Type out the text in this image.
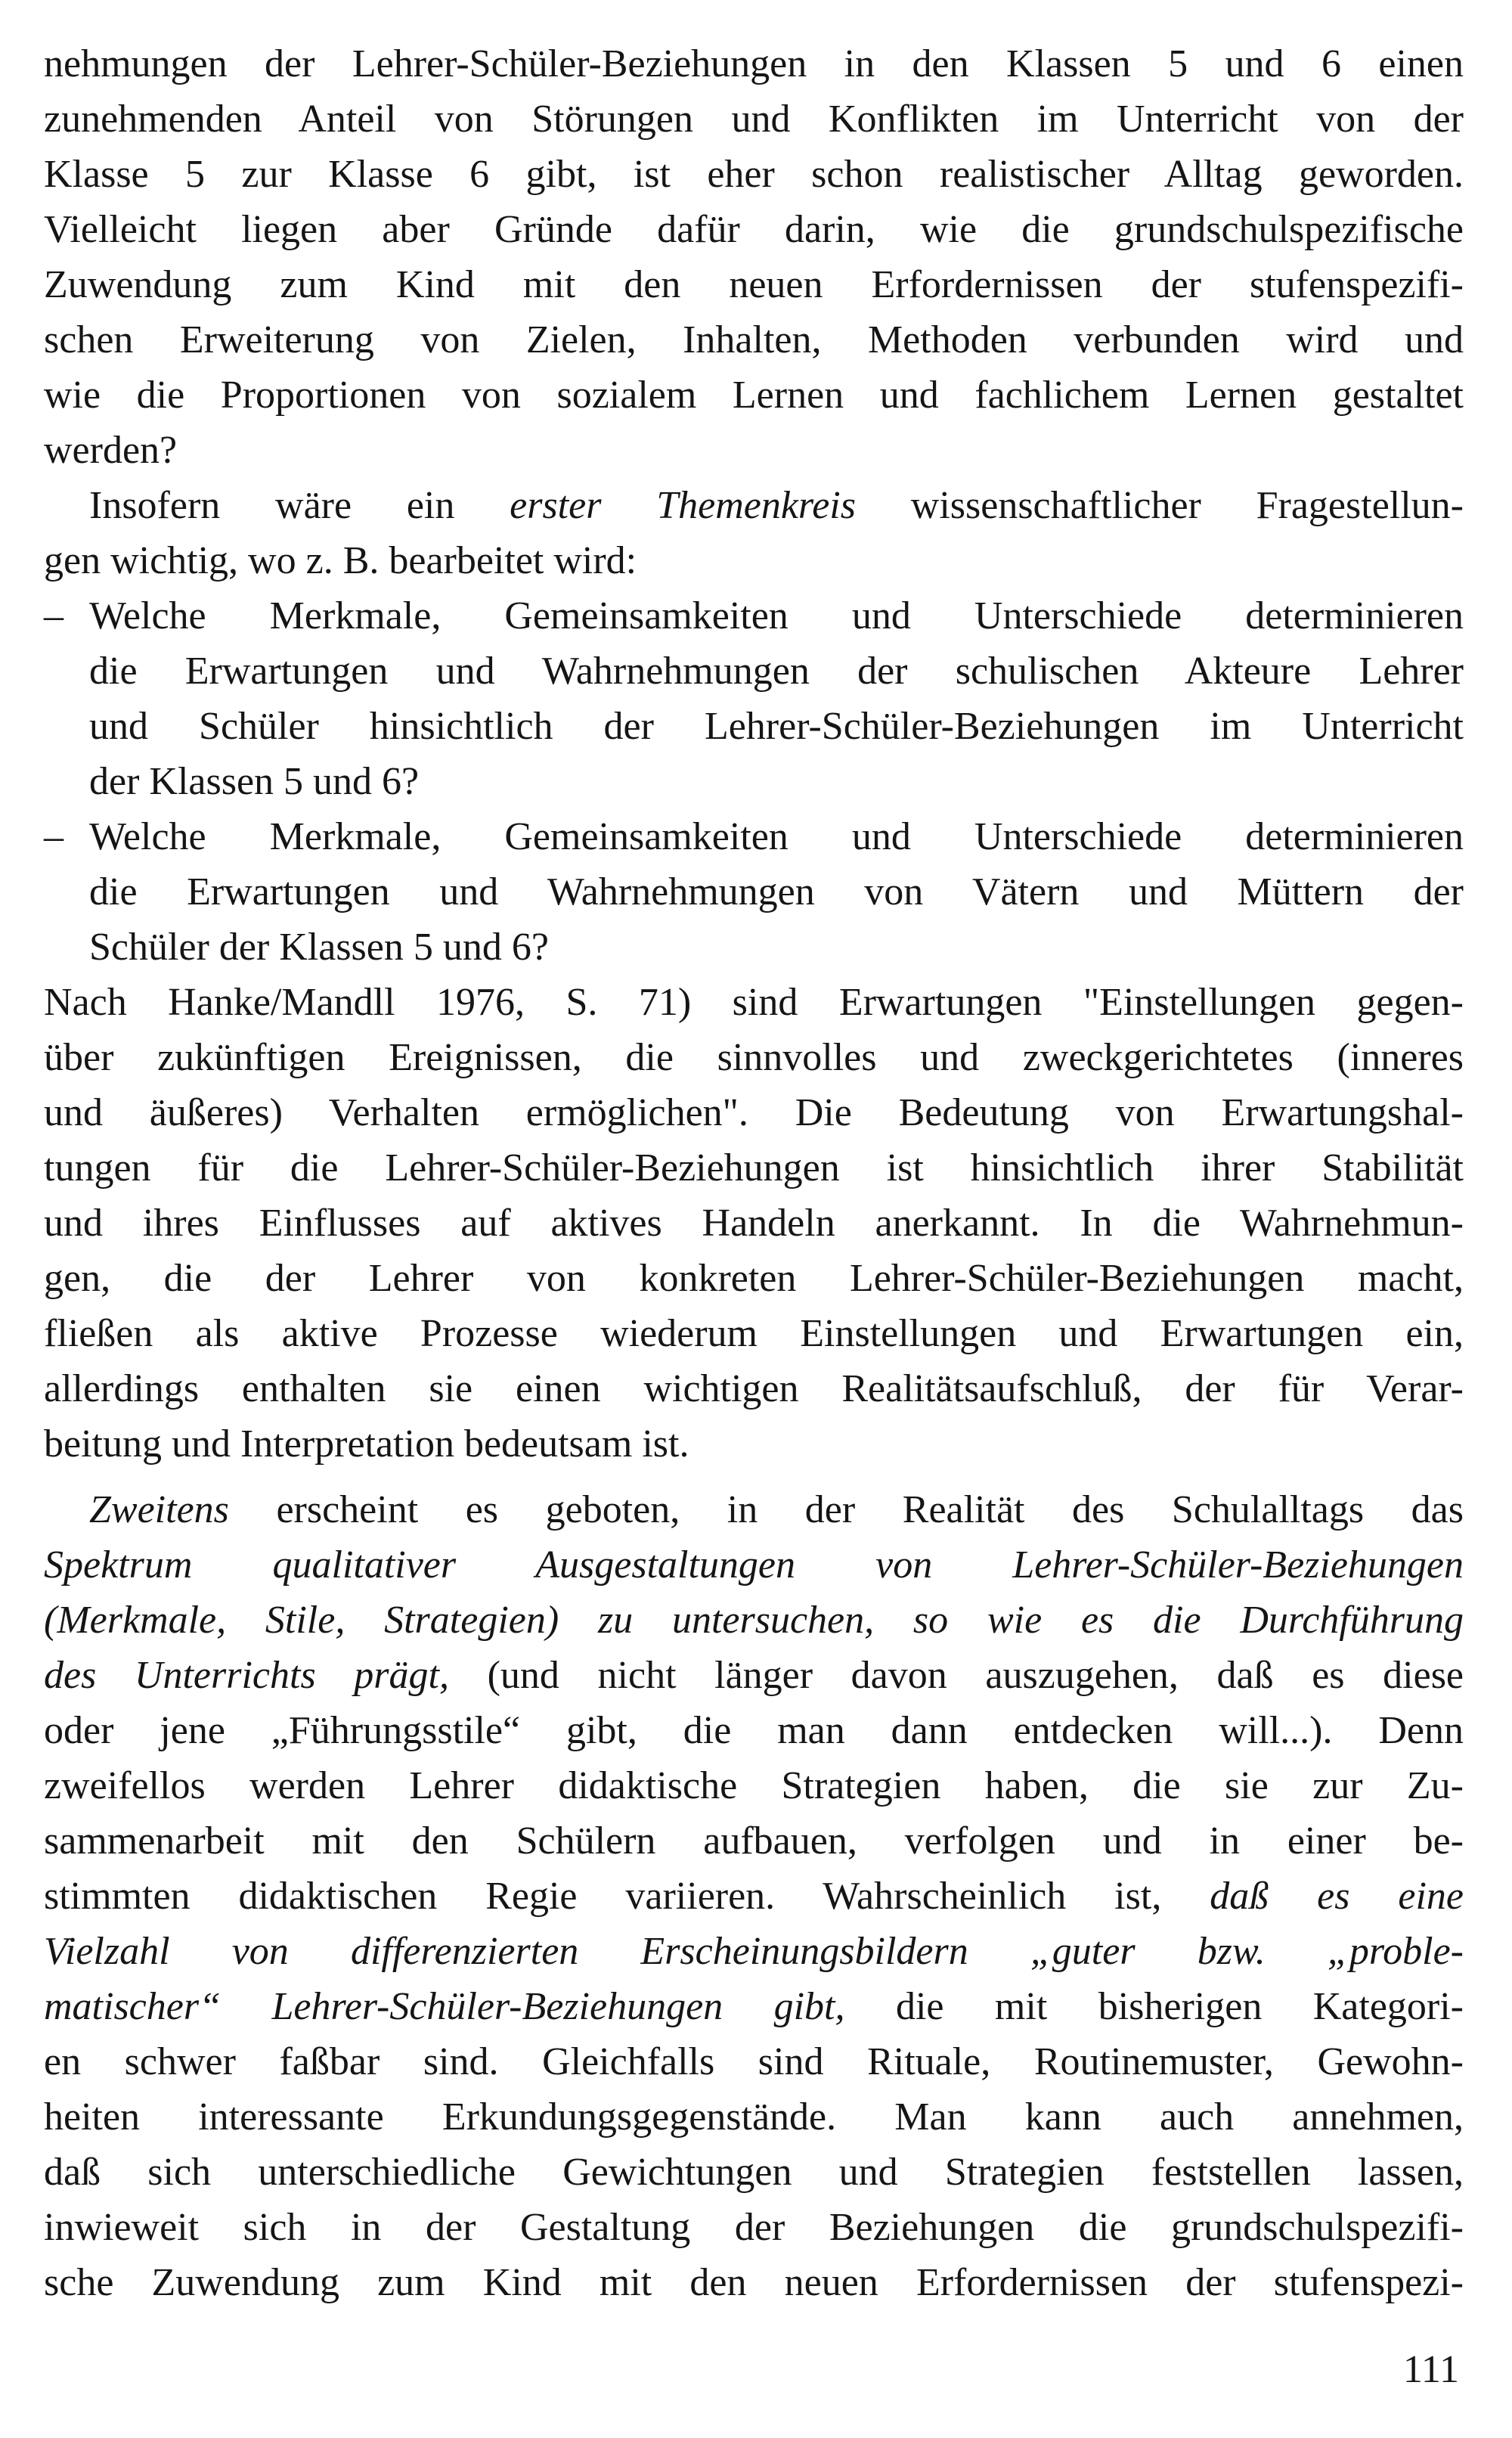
nehmungen der Lehrer-Schüler-Beziehungen in den Klassen 5 und 6 einen
zunehmenden Anteil von Störungen und Konflikten im Unterricht von der
Klasse 5 zur Klasse 6 gibt, ist eher schon realistischer Alltag geworden.
Vielleicht liegen aber Gründe dafür darin, wie die grundschulspezifische
Zuwendung zum Kind mit den neuen Erfordernissen der stufenspezifi-
schen Erweiterung von Zielen, Inhalten, Methoden verbunden wird und
wie die Proportionen von sozialem Lernen und fachlichem Lernen gestaltet
werden?
Insofern wäre ein erster Themenkreis wissenschaftlicher Fragestellun-
gen wichtig, wo z. B. bearbeitet wird:
– Welche Merkmale, Gemeinsamkeiten und Unterschiede determinieren
die Erwartungen und Wahrnehmungen der schulischen Akteure Lehrer
und Schüler hinsichtlich der Lehrer-Schüler-Beziehungen im Unterricht
der Klassen 5 und 6?
– Welche Merkmale, Gemeinsamkeiten und Unterschiede determinieren
die Erwartungen und Wahrnehmungen von Vätern und Müttern der
Schüler der Klassen 5 und 6?
Nach Hanke/Mandll 1976, S. 71) sind Erwartungen "Einstellungen gegen-
über zukünftigen Ereignissen, die sinnvolles und zweckgerichtetes (inneres
und äußeres) Verhalten ermöglichen". Die Bedeutung von Erwartungshal-
tungen für die Lehrer-Schüler-Beziehungen ist hinsichtlich ihrer Stabilität
und ihres Einflusses auf aktives Handeln anerkannt. In die Wahrnehmun-
gen, die der Lehrer von konkreten Lehrer-Schüler-Beziehungen macht,
fließen als aktive Prozesse wiederum Einstellungen und Erwartungen ein,
allerdings enthalten sie einen wichtigen Realitätsaufschluß, der für Verar-
beitung und Interpretation bedeutsam ist.
Zweitens erscheint es geboten, in der Realität des Schulalltags das
Spektrum qualitativer Ausgestaltungen von Lehrer-Schüler-Beziehungen
(Merkmale, Stile, Strategien) zu untersuchen, so wie es die Durchführung
des Unterrichts prägt, (und nicht länger davon auszugehen, daß es diese
oder jene „Führungsstile“ gibt, die man dann entdecken will...). Denn
zweifellos werden Lehrer didaktische Strategien haben, die sie zur Zu-
sammenarbeit mit den Schülern aufbauen, verfolgen und in einer be-
stimmten didaktischen Regie variieren. Wahrscheinlich ist, daß es eine
Vielzahl von differenzierten Erscheinungsbildern „guter bzw. „proble-
matischer“ Lehrer-Schüler-Beziehungen gibt, die mit bisherigen Kategori-
en schwer faßbar sind. Gleichfalls sind Rituale, Routinemuster, Gewohn-
heiten interessante Erkundungsgegenstände. Man kann auch annehmen,
daß sich unterschiedliche Gewichtungen und Strategien feststellen lassen,
inwieweit sich in der Gestaltung der Beziehungen die grundschulspezifi-
sche Zuwendung zum Kind mit den neuen Erfordernissen der stufenspezi-
111
